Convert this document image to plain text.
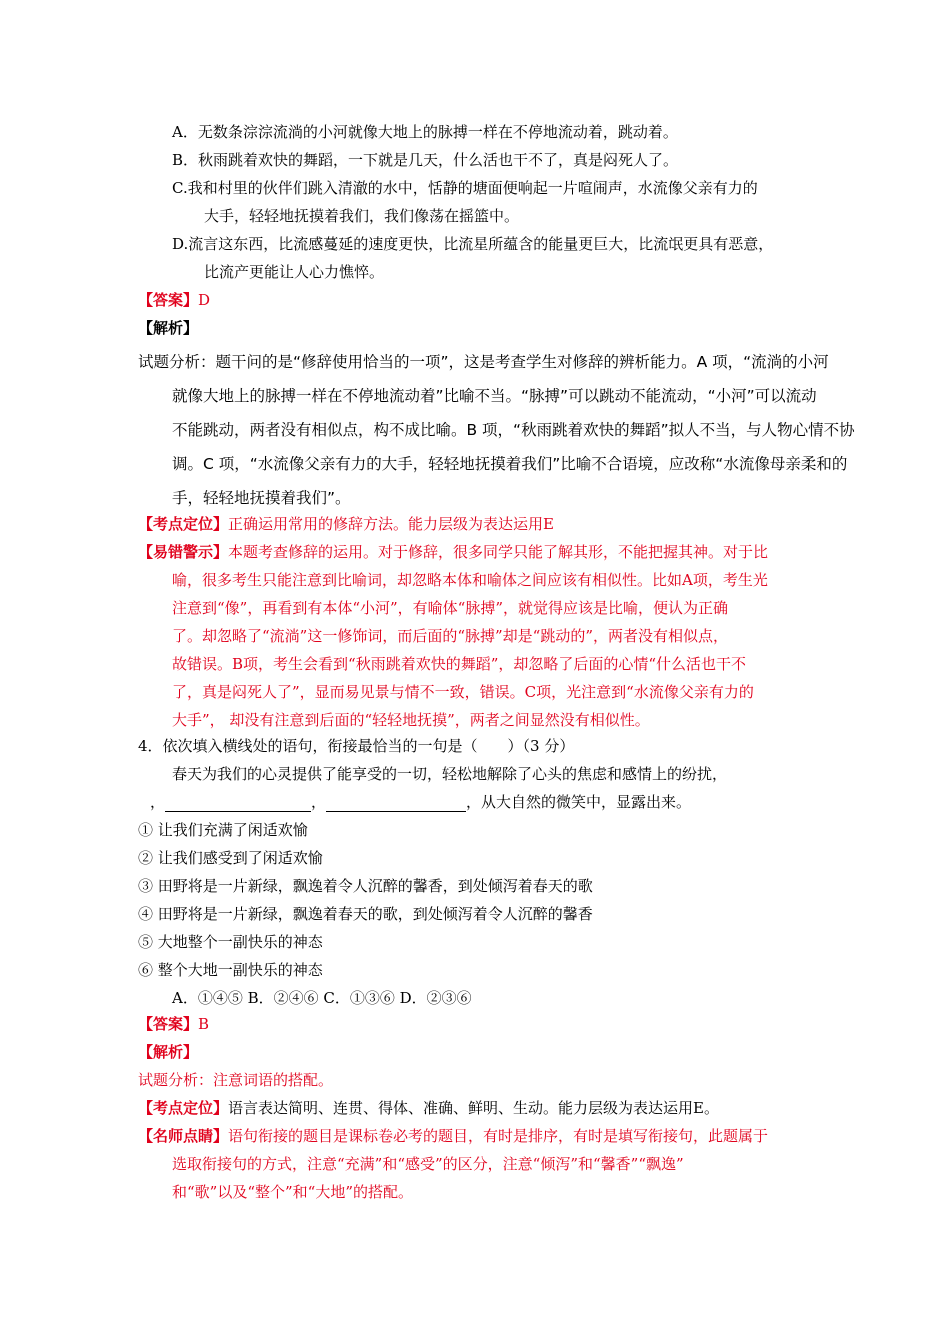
A．无数条淙淙流淌的小河就像大地上的脉搏一样在不停地流动着，跳动着。
B．秋雨跳着欢快的舞蹈，一下就是几天，什么活也干不了，真是闷死人了。
C.我和村里的伙伴们跳入清澈的水中，恬静的塘面便响起一片喧闹声，水流像父亲有力的
大手，轻轻地抚摸着我们，我们像荡在摇篮中。
D.流言这东西，比流感蔓延的速度更快，比流星所蕴含的能量更巨大，比流氓更具有恶意，
比流产更能让人心力憔悴。
【答案】D
【解析】
试题分析：题干问的是“修辞使用恰当的一项”，这是考查学生对修辞的辨析能力。A 项，“流淌的小河
就像大地上的脉搏一样在不停地流动着”比喻不当。“脉搏”可以跳动不能流动，“小河”可以流动
不能跳动，两者没有相似点，构不成比喻。B 项，“秋雨跳着欢快的舞蹈”拟人不当，与人物心情不协
调。C 项，“水流像父亲有力的大手，轻轻地抚摸着我们”比喻不合语境，应改称“水流像母亲柔和的
手，轻轻地抚摸着我们”。
【考点定位】正确运用常用的修辞方法。能力层级为表达运用E
【易错警示】本题考查修辞的运用。对于修辞，很多同学只能了解其形，不能把握其神。对于比
喻，很多考生只能注意到比喻词，却忽略本体和喻体之间应该有相似性。比如A项，考生光
注意到“像”，再看到有本体“小河”，有喻体“脉搏”，就觉得应该是比喻，便认为正确
了。却忽略了“流淌”这一修饰词，而后面的“脉搏”却是“跳动的”，两者没有相似点，
故错误。B项，考生会看到“秋雨跳着欢快的舞蹈”，却忽略了后面的心情“什么活也干不
了，真是闷死人了”，显而易见景与情不一致，错误。C项，光注意到“水流像父亲有力的
大手”， 却没有注意到后面的“轻轻地抚摸”，两者之间显然没有相似性。
4．依次填入横线处的语句，衔接最恰当的一句是（　　）（3 分）
春天为我们的心灵提供了能享受的一切，轻松地解除了心头的焦虑和感情上的纷扰，
，	，	，从大自然的微笑中，显露出来。
① 让我们充满了闲适欢愉
② 让我们感受到了闲适欢愉
③ 田野将是一片新绿，飘逸着令人沉醉的馨香，到处倾泻着春天的歌
④ 田野将是一片新绿，飘逸着春天的歌，到处倾泻着令人沉醉的馨香
⑤ 大地整个一副快乐的神态
⑥ 整个大地一副快乐的神态
A．①④⑤ B．②④⑥ C．①③⑥ D．②③⑥
【答案】B
【解析】
试题分析：注意词语的搭配。
【考点定位】语言表达简明、连贯、得体、准确、鲜明、生动。能力层级为表达运用E。
【名师点睛】语句衔接的题目是课标卷必考的题目，有时是排序，有时是填写衔接句，此题属于
选取衔接句的方式，注意“充满”和“感受”的区分，注意“倾泻”和“馨香”“飘逸”
和“歌”以及“整个”和“大地”的搭配。
